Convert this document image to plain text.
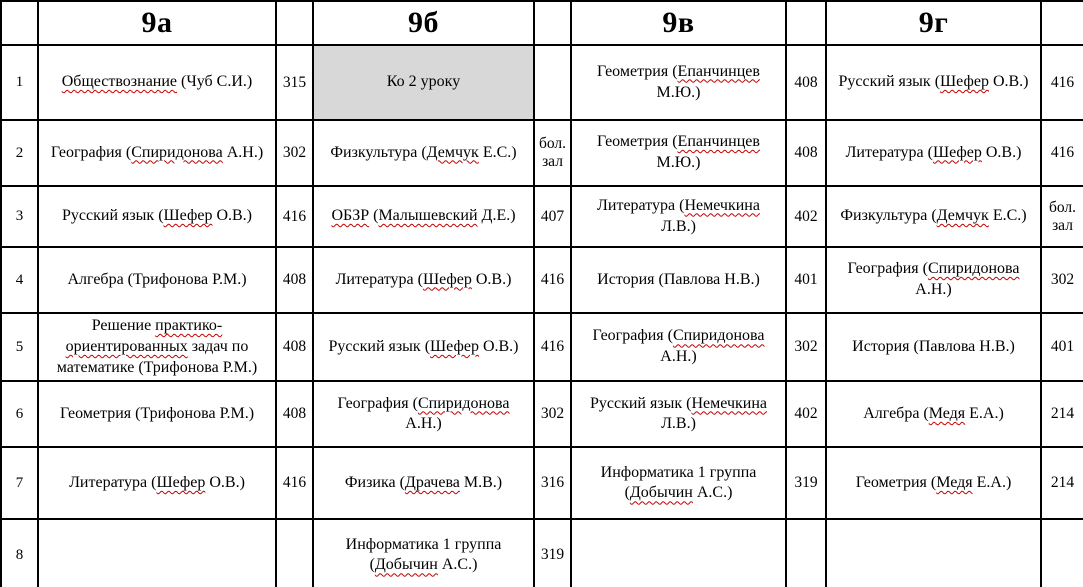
	9а		9б		9в		9г	
1	Обществознание (Чуб С.И.)	315	Ко 2 уроку		Геометрия (Епанчинцев М.Ю.)	408	Русский язык (Шефер О.В.)	416
2	География (Спиридонова А.Н.)	302	Физкультура (Демчук Е.С.)	бол. зал	Геометрия (Епанчинцев М.Ю.)	408	Литература (Шефер О.В.)	416
3	Русский язык (Шефер О.В.)	416	ОБЗР (Малышевский Д.Е.)	407	Литература (Немечкина Л.В.)	402	Физкультура (Демчук Е.С.)	бол. зал
4	Алгебра (Трифонова Р.М.)	408	Литература (Шефер О.В.)	416	История (Павлова Н.В.)	401	География (Спиридонова А.Н.)	302
5	Решение практико-ориентированных задач по математике (Трифонова Р.М.)	408	Русский язык (Шефер О.В.)	416	География (Спиридонова А.Н.)	302	История (Павлова Н.В.)	401
6	Геометрия (Трифонова Р.М.)	408	География (Спиридонова А.Н.)	302	Русский язык (Немечкина Л.В.)	402	Алгебра (Медя Е.А.)	214
7	Литература (Шефер О.В.)	416	Физика (Драчева М.В.)	316	Информатика 1 группа (Добычин А.С.)	319	Геометрия (Медя Е.А.)	214
8			Информатика 1 группа (Добычин А.С.)	319				
